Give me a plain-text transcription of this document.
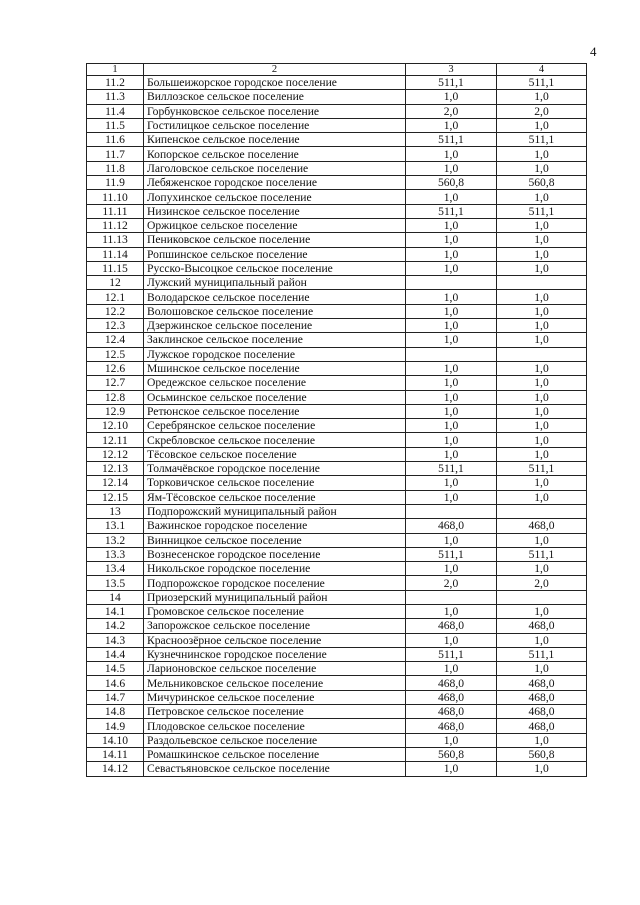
4
1	2	3	4
11.2	Большеижорское городское поселение	511,1	511,1
11.3	Виллозское сельское поселение	1,0	1,0
11.4	Горбунковское сельское поселение	2,0	2,0
11.5	Гостилицкое сельское поселение	1,0	1,0
11.6	Кипенское сельское поселение	511,1	511,1
11.7	Копорское сельское поселение	1,0	1,0
11.8	Лаголовское сельское поселение	1,0	1,0
11.9	Лебяженское городское поселение	560,8	560,8
11.10	Лопухинское сельское поселение	1,0	1,0
11.11	Низинское сельское поселение	511,1	511,1
11.12	Оржицкое сельское поселение	1,0	1,0
11.13	Пениковское сельское поселение	1,0	1,0
11.14	Ропшинское сельское поселение	1,0	1,0
11.15	Русско-Высоцкое сельское поселение	1,0	1,0
12	Лужский муниципальный район		
12.1	Володарское сельское поселение	1,0	1,0
12.2	Волошовское сельское поселение	1,0	1,0
12.3	Дзержинское сельское поселение	1,0	1,0
12.4	Заклинское сельское поселение	1,0	1,0
12.5	Лужское городское поселение		
12.6	Мшинское сельское поселение	1,0	1,0
12.7	Оредежское сельское поселение	1,0	1,0
12.8	Осьминское сельское поселение	1,0	1,0
12.9	Ретюнское сельское поселение	1,0	1,0
12.10	Серебрянское сельское поселение	1,0	1,0
12.11	Скребловское сельское поселение	1,0	1,0
12.12	Тёсовское сельское поселение	1,0	1,0
12.13	Толмачёвское городское поселение	511,1	511,1
12.14	Торковичское сельское поселение	1,0	1,0
12.15	Ям-Тёсовское сельское поселение	1,0	1,0
13	Подпорожский муниципальный район		
13.1	Важинское городское поселение	468,0	468,0
13.2	Винницкое сельское поселение	1,0	1,0
13.3	Вознесенское городское поселение	511,1	511,1
13.4	Никольское городское поселение	1,0	1,0
13.5	Подпорожское городское поселение	2,0	2,0
14	Приозерский муниципальный район		
14.1	Громовское сельское поселение	1,0	1,0
14.2	Запорожское сельское поселение	468,0	468,0
14.3	Красноозёрное сельское поселение	1,0	1,0
14.4	Кузнечнинское городское поселение	511,1	511,1
14.5	Ларионовское сельское поселение	1,0	1,0
14.6	Мельниковское сельское поселение	468,0	468,0
14.7	Мичуринское сельское поселение	468,0	468,0
14.8	Петровское сельское поселение	468,0	468,0
14.9	Плодовское сельское поселение	468,0	468,0
14.10	Раздольевское сельское поселение	1,0	1,0
14.11	Ромашкинское сельское поселение	560,8	560,8
14.12	Севастьяновское сельское поселение	1,0	1,0
